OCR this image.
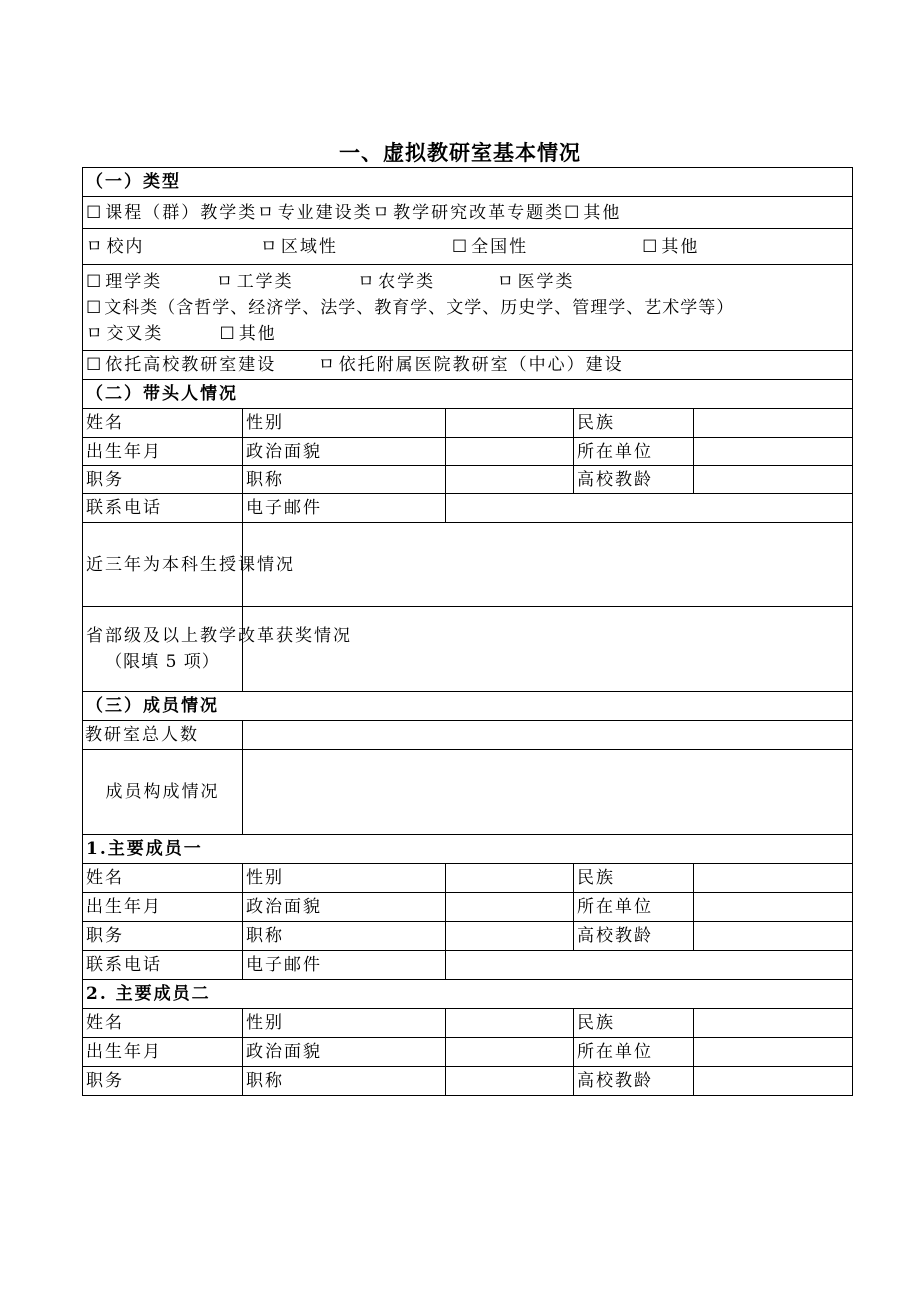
一、虚拟教研室基本情况
（一）类型				
☐ 课程（群）教学类ㅁ 专业建设类ㅁ 教学研究改革专题类☐ 其他				
ㅁ 校内 ㅁ 区域性 ☐ 全国性 ☐ 其他				

☐ 理学类 ㅁ 工学类 ㅁ 农学类 ㅁ 医学类
☐ 文科类（含哲学、经济学、法学、教育学、文学、历史学、管理学、艺术学等）
ㅁ 交叉类 ☐ 其他				

☐ 依托高校教研室建设 ㅁ 依托附属医院教研室（中心）建设				
（二）带头人情况				
姓名	性别		民族	
出生年月	政治面貌		所在单位	
职务	职称		高校教龄	
联系电话	电子邮件			
近三年为本科生授课情况				

省部级及以上教学改革获奖情况
（限填 5 项）				

（三）成员情况				
教研室总人数				
成员构成情况				
1.主要成员一				
姓名	性别		民族	
出生年月	政治面貌		所在单位	
职务	职称		高校教龄	
联系电话	电子邮件			
2. 主要成员二				
姓名	性别		民族	
出生年月	政治面貌		所在单位	
职务	职称		高校教龄	
